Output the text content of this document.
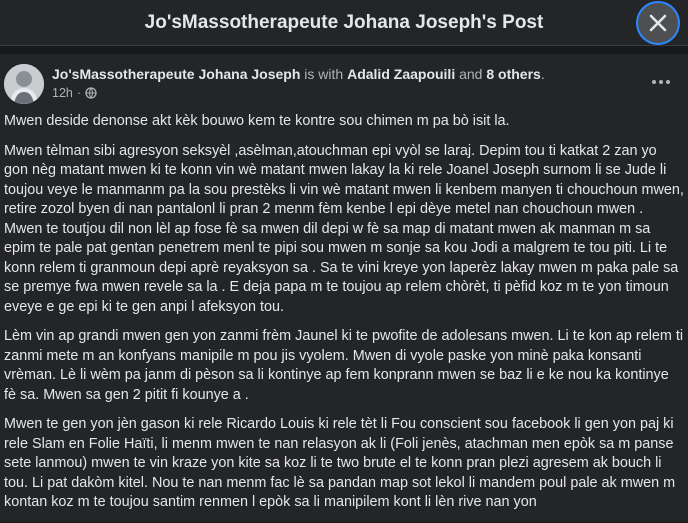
Jo'sMassotherapeute Johana Joseph's Post
Jo'sMassotherapeute Johana Joseph is with Adalid Zaapouili and 8 others.
12h ·

Mwen deside denonse akt kèk bouwo kem te kontre sou chimen m pa bò isit la.

Mwen tèlman sibi agresyon seksyèl ,asèlman,atouchman epi vyòl se laraj. Depim tou ti katkat 2 zan yo gon nèg matant mwen ki te konn vin wè matant mwen lakay la ki rele Joanel Joseph surnom li se Jude li toujou veye le manmanm pa la sou prestèks li vin wè matant mwen li kenbem manyen ti chouchoun mwen, retire zozol byen di nan pantalonl li pran 2 menm fèm kenbe l epi dèye metel nan chouchoun mwen . Mwen te toutjou dil non lèl ap fose fè sa mwen dil depi w fè sa map di matant mwen ak manman m sa epim te pale pat gentan penetrem menl te pipi sou mwen m sonje sa kou Jodi a malgrem te tou piti. Li te konn relem ti granmoun depi aprè reyaksyon sa . Sa te vini kreye yon laperèz lakay mwen m paka pale sa se premye fwa mwen revele sa la . E deja papa m te toujou ap relem chòrèt, ti pèfid koz m te yon timoun eveye e ge epi ki te gen anpi l afeksyon tou.

Lèm vin ap grandi mwen gen yon zanmi frèm Jaunel ki te pwofite de adolesans mwen. Li te kon ap relem ti zanmi mete m an konfyans manipile m pou jis vyolem. Mwen di vyole paske yon minè paka konsanti vrèman. Lè li wèm pa janm di pèson sa li kontinye ap fem konprann mwen se baz li e ke nou ka kontinye fè sa. Mwen sa gen 2 pitit fi kounye a .

Mwen te gen yon jèn gason ki rele Ricardo Louis ki rele tèt li Fou conscient sou facebook li gen yon paj ki rele Slam en Folie Haïti, li menm mwen te nan relasyon ak li (Foli jenès, atachman men epòk sa m panse sete lanmou) mwen te vin kraze yon kite sa koz li te two brute el te konn pran plezi agresem ak bouch li tou. Li pat dakòm kitel. Nou te nan menm fac lè sa pandan map sot lekol li mandem poul pale ak mwen m kontan koz m te toujou santim renmen l epòk sa li manipilem kont li lèn rive nan yon
